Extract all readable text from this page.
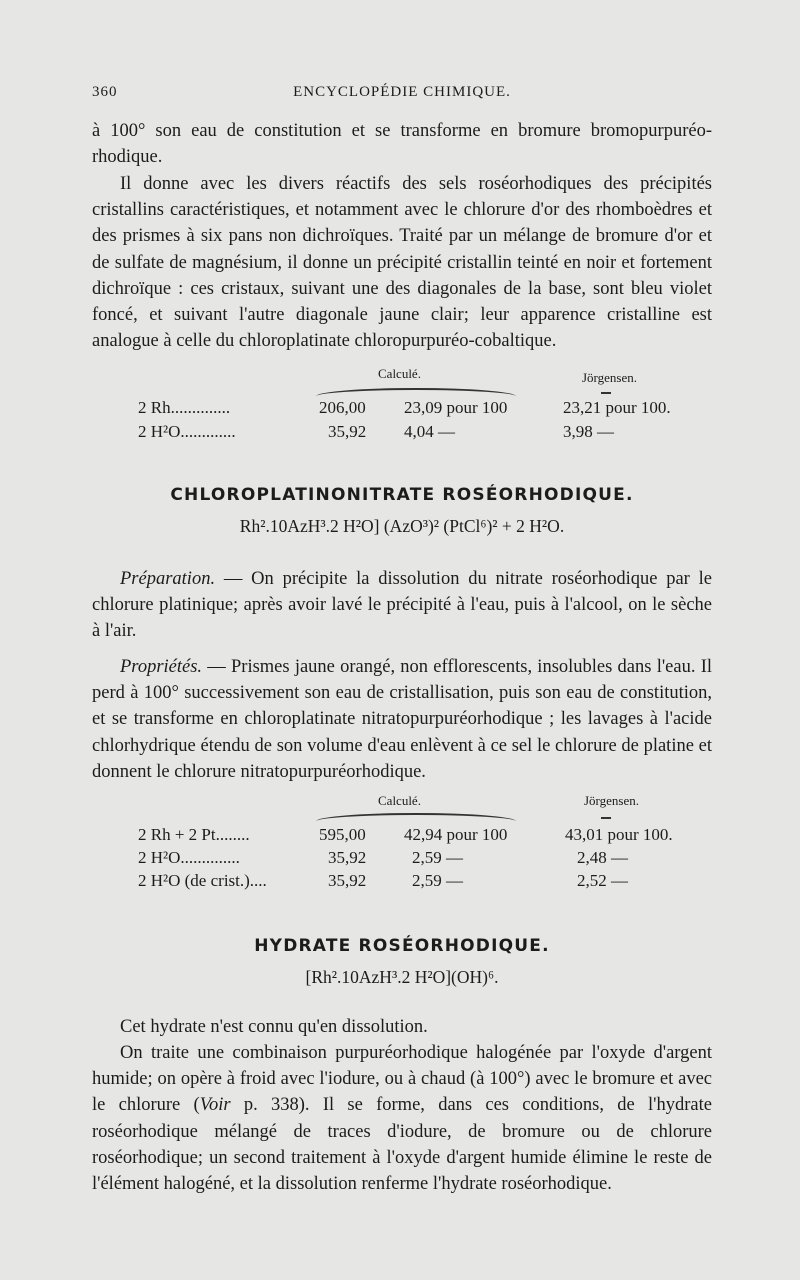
360	ENCYCLOPÉDIE CHIMIQUE.

à 100° son eau de constitution et se transforme en bromure bromopurpuréo-rhodique.

Il donne avec les divers réactifs des sels roséorhodiques des précipités cristallins caractéristiques, et notamment avec le chlorure d'or des rhomboèdres et des prismes à six pans non dichroïques. Traité par un mélange de bromure d'or et de sulfate de magnésium, il donne un précipité cristallin teinté en noir et fortement dichroïque : ces cristaux, suivant une des diagonales de la base, sont bleu violet foncé, et suivant l'autre diagonale jaune clair; leur apparence cristalline est analogue à celle du chloroplatinate chloropurpuréo-cobaltique.

Calculé.	Jörgensen.
2 Rh..............	206,00 23,09 pour 100	23,21 pour 100.
2 H²O.............	35,92 4,04 —	3,98 —
CHLOROPLATINONITRATE ROSÉORHODIQUE.
Rh².10AzH³.2 H²O] (AzO³)² (PtCl⁶)² + 2 H²O.

Préparation. — On précipite la dissolution du nitrate roséorhodique par le chlorure platinique; après avoir lavé le précipité à l'eau, puis à l'alcool, on le sèche à l'air.

Propriétés. — Prismes jaune orangé, non efflorescents, insolubles dans l'eau. Il perd à 100° successivement son eau de cristallisation, puis son eau de constitution, et se transforme en chloroplatinate nitratopurpuréorhodique ; les lavages à l'acide chlorhydrique étendu de son volume d'eau enlèvent à ce sel le chlorure de platine et donnent le chlorure nitratopurpuréorhodique.

Calculé.	Jörgensen.
2 Rh + 2 Pt........	595,00 42,94 pour 100	43,01 pour 100.
2 H²O..............	35,92	2,59 —	2,48 —
2 H²O (de crist.)....	35,92	2,59 —	2,52 —
HYDRATE ROSÉORHODIQUE.
[Rh².10AzH³.2 H²O](OH)⁶.

Cet hydrate n'est connu qu'en dissolution.

On traite une combinaison purpuréorhodique halogénée par l'oxyde d'argent humide; on opère à froid avec l'iodure, ou à chaud (à 100°) avec le bromure et avec le chlorure (Voir p. 338). Il se forme, dans ces conditions, de l'hydrate roséorhodique mélangé de traces d'iodure, de bromure ou de chlorure roséorhodique; un second traitement à l'oxyde d'argent humide élimine le reste de l'élément halogéné, et la dissolution renferme l'hydrate roséorhodique.
